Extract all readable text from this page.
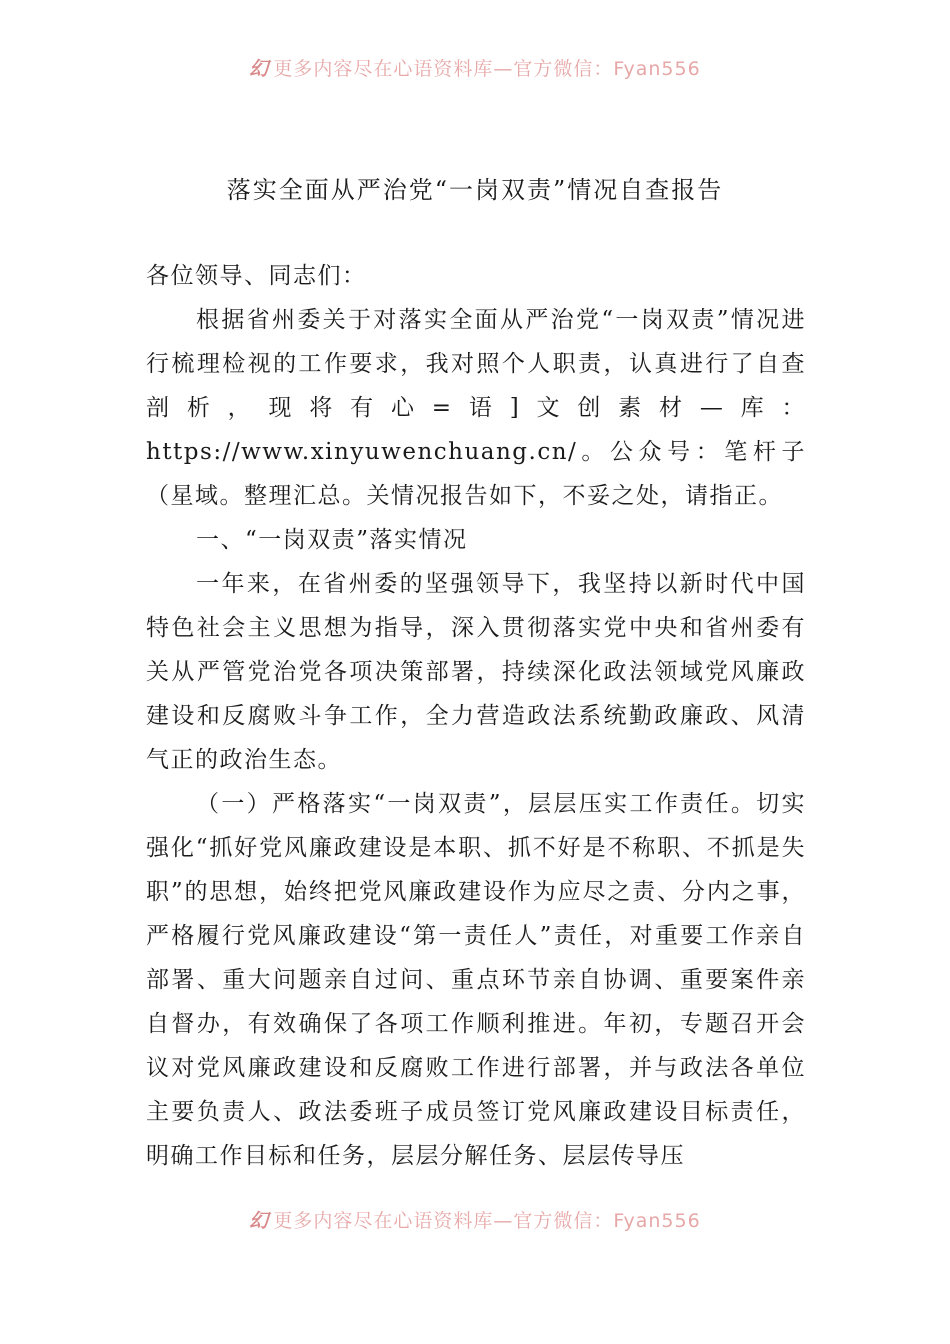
幻 更多内容尽在心语资料库—官方微信：Fyan556
落实全面从严治党“一岗双责”情况自查报告

各位领导、同志们：

根据省州委关于对落实全面从严治党“一岗双责”情况进行梳理检视的工作要求，我对照个人职责，认真进行了自查剖析，现将有心=语]文创素材—库：https://www.xinyuwenchuang.cn/。公众号：笔杆子（星域。整理汇总。关情况报告如下，不妥之处，请指正。

一、“一岗双责”落实情况

一年来，在省州委的坚强领导下，我坚持以新时代中国特色社会主义思想为指导，深入贯彻落实党中央和省州委有关从严管党治党各项决策部署，持续深化政法领域党风廉政建设和反腐败斗争工作，全力营造政法系统勤政廉政、风清气正的政治生态。

（一）严格落实“一岗双责”，层层压实工作责任。切实强化“抓好党风廉政建设是本职、抓不好是不称职、不抓是失职”的思想，始终把党风廉政建设作为应尽之责、分内之事，严格履行党风廉政建设“第一责任人”责任，对重要工作亲自部署、重大问题亲自过问、重点环节亲自协调、重要案件亲自督办，有效确保了各项工作顺利推进。年初，专题召开会议对党风廉政建设和反腐败工作进行部署，并与政法各单位主要负责人、政法委班子成员签订党风廉政建设目标责任，明确工作目标和任务，层层分解任务、层层传导压

幻 更多内容尽在心语资料库—官方微信：Fyan556
